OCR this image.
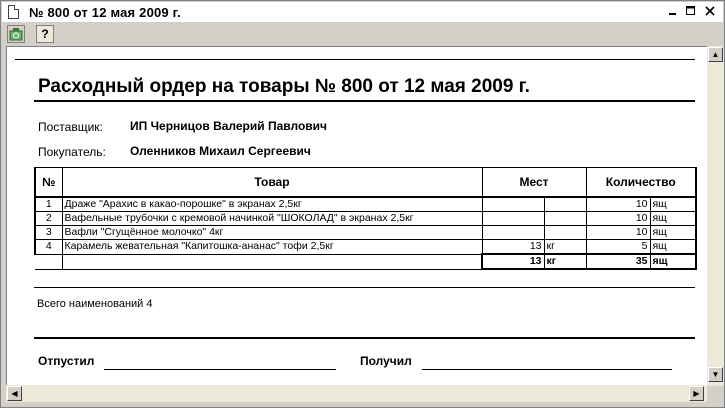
№ 800 от 12 мая 2009 г.
?
Расходный ордер на товары № 800 от 12 мая 2009 г.
Поставщик: ИП Черницов Валерий Павлович
Покупатель: Оленников Михаил Сергеевич
№	Товар	Мест		Количество	
1	Драже "Арахис в какао-порошке" в экранах 2,5кг			10	ящ
2	Вафельные трубочки с кремовой начинкой "ШОКОЛАД" в экранах 2,5кг			10	ящ
3	Вафли "Сгущённое молочко" 4кг			10	ящ
4	Карамель жевательная "Капитошка-ананас" тофи 2,5кг	13	кг	5	ящ
		13	кг	35	ящ
Всего наименований 4
Отпустил	Получил
▲
▼
◀	▶
